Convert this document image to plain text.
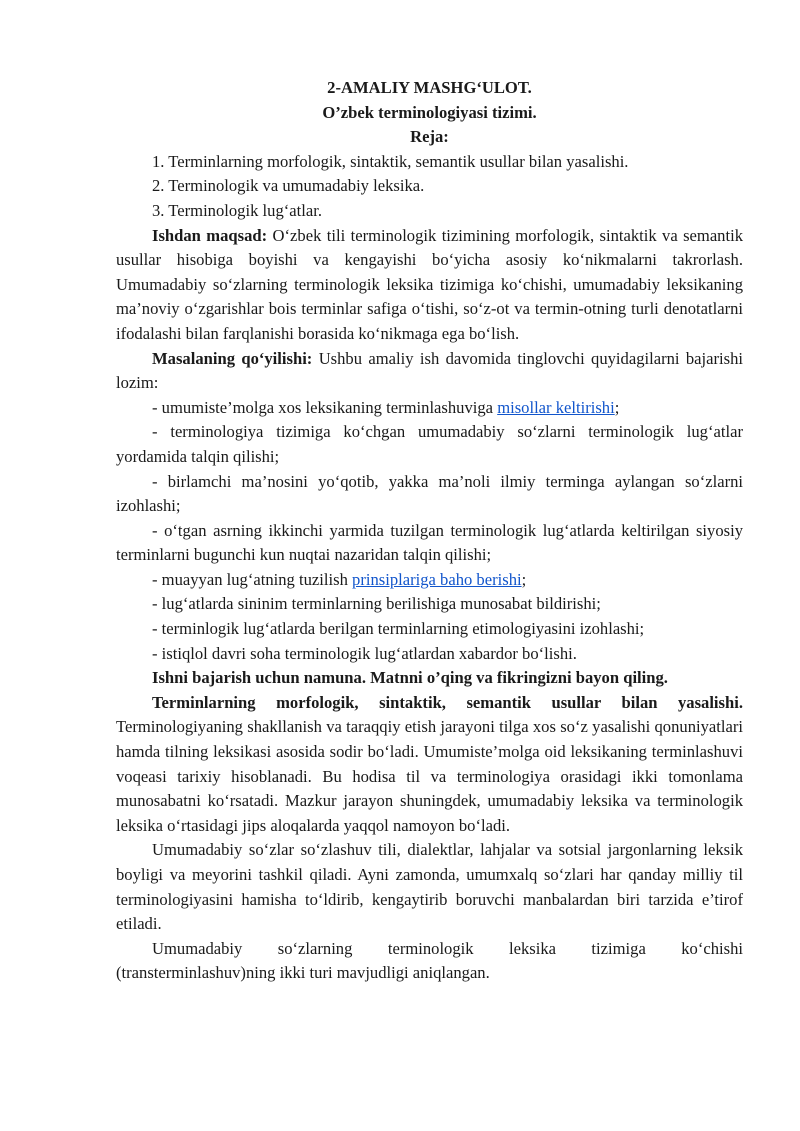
2-AMALIY MASHG‘ULOT.

O’zbek terminologiyasi tizimi.

Reja:

1. Terminlarning morfologik, sintaktik, semantik usullar bilan yasalishi.

2. Terminologik va umumadabiy leksika.

3. Terminologik lug‘atlar.

Ishdan maqsad: O‘zbek tili terminologik tizimining morfologik, sintaktik va semantik usullar hisobiga boyishi va kengayishi bo‘yicha asosiy ko‘nikmalarni takrorlash. Umumadabiy so‘zlarning terminologik leksika tizimiga ko‘chishi, umumadabiy leksikaning ma’noviy o‘zgarishlar bois terminlar safiga o‘tishi, so‘z-ot va termin-otning turli denotatlarni ifodalashi bilan farqlanishi borasida ko‘nikmaga ega bo‘lish.

Masalaning qo‘yilishi: Ushbu amaliy ish davomida tinglovchi quyidagilarni bajarishi lozim:

- umumiste’molga xos leksikaning terminlashuviga misollar keltirishi;

- terminologiya tizimiga ko‘chgan umumadabiy so‘zlarni terminologik lug‘atlar yordamida talqin qilishi;

- birlamchi ma’nosini yo‘qotib, yakka ma’noli ilmiy terminga aylangan so‘zlarni izohlashi;

- o‘tgan asrning ikkinchi yarmida tuzilgan terminologik lug‘atlarda keltirilgan siyosiy terminlarni bugunchi kun nuqtai nazaridan talqin qilishi;

- muayyan lug‘atning tuzilish prinsiplariga baho berishi;

- lug‘atlarda sininim terminlarning berilishiga munosabat bildirishi;

- terminlogik lug‘atlarda berilgan terminlarning etimologiyasini izohlashi;

- istiqlol davri soha terminologik lug‘atlardan xabardor bo‘lishi.

Ishni bajarish uchun namuna. Matnni o’qing va fikringizni bayon qiling.

Terminlarning morfologik, sintaktik, semantik usullar bilan yasalishi. Terminologiyaning shakllanish va taraqqiy etish jarayoni tilga xos so‘z yasalishi qonuniyatlari hamda tilning leksikasi asosida sodir bo‘ladi. Umumiste’molga oid leksikaning terminlashuvi voqeasi tarixiy hisoblanadi. Bu hodisa til va terminologiya orasidagi ikki tomonlama munosabatni ko‘rsatadi. Mazkur jarayon shuningdek, umumadabiy leksika va terminologik leksika o‘rtasidagi jips aloqalarda yaqqol namoyon bo‘ladi.

Umumadabiy so‘zlar so‘zlashuv tili, dialektlar, lahjalar va sotsial jargonlarning leksik boyligi va meyorini tashkil qiladi. Ayni zamonda, umumxalq so‘zlari har qanday milliy til terminologiyasini hamisha to‘ldirib, kengaytirib boruvchi manbalardan biri tarzida e’tirof etiladi.

Umumadabiy so‘zlarning terminologik leksika tizimiga ko‘chishi (transterminlashuv)ning ikki turi mavjudligi aniqlangan.
